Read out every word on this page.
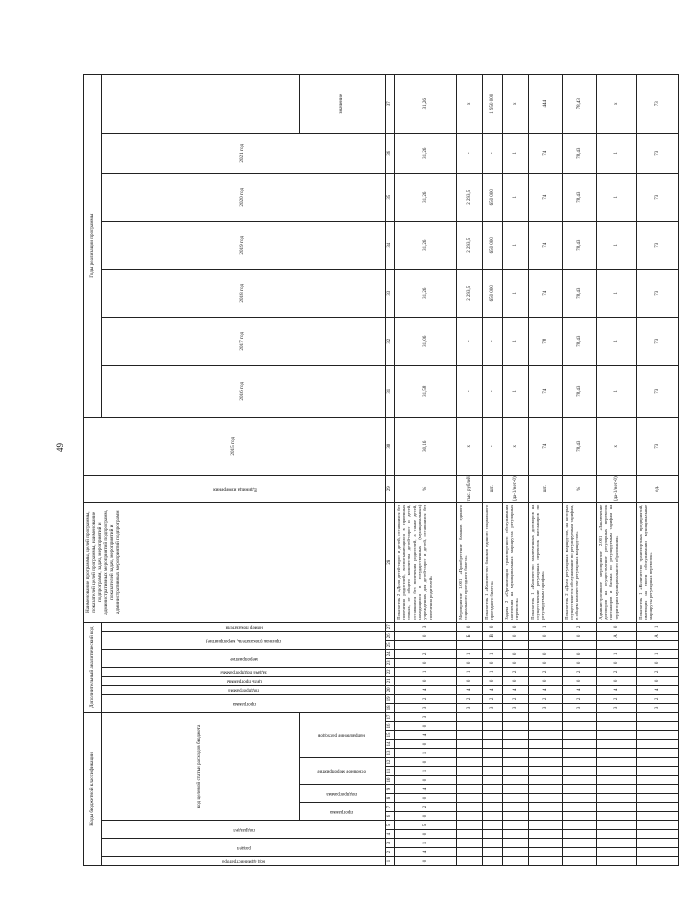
49
Коды бюджетной классификации																	Дополнительный аналитический код										Наименование программы, целей программы, показателей целей программы, наименование подпрограмм, задач, мероприятий и административных мероприятий подпрограмм, показателей задач, мероприятий и административных мероприятий подпрограмм	Единица измерения	2015 год	Годы реализации программы	
код администратора	раздел		подраздел		код целевой статьи расходов бюджета												программа		подпрограмма	цель программы	задача подпрограммы	мероприятие		признак (показатель, мероприятие)		номер показателя				2016 год	2017 год	2018 год	2019 год	2020 год	2021 год		
					программа		подпрограмма		основное мероприятие			направление расходов																								значение	
1	2	3	4	5	6	7	8	9	10	11	12	13	14	15	16	17	18	19	20	21	22	23	24	25	26	27	28	29	30	31	32	33	34	35	36	37	
0	4	1	0	5	0	2	0	4	0	1	0	1	0	4	0	3	3	2	4	0	1	0	2		0	3	Показатель 2 «Доля детей-сирот и детей, оставшихся без попечения родителей, воспитывающихся в приемных семьях, от общего количества детей-сирот и детей, оставшихся без попечения родителей, а также детей, находящихся в государственных (муниципальных) учреждениях для детей-сирот и детей, оставшихся без попечения родителей»	%	30,16	31,58	31,06	31,26	31,26	31,26	31,26	31,26	
																	3	2	4	0	1	0	1		Б	0	Мероприятие 1.001 «Приобретение бланков единого социального проездного билета»	тыс. рублей	х	-	-	2 293,5	2 293,5	2 293,5	-	х	
																	3	2	4	0	1	0	1		В	0	Показатель 1 «Количество бланков единого социального проездного билета»	шт.	-	-	-	650 000	650 000	650 000	-	1 950 000	
																	3	2	4	0	2	0	0		0	0	Задача 2 «Организация транспортного обслуживания населения на муниципальных маршрутах регулярных перевозок»	(да-1/нет-0)	х	1	1	1	1	1	1	х	
																	3	2	4	0	2	0	0		0	1	Показатель 1 «Количество заключенных договоров на осуществление регулярных перевозок пассажиров по регулируемым тарифам»	шт.	74	74	78	74	74	74	74	444	
																	3	2	4	0	2	0	0		0	2	Показатель 2 «Доля регулярных маршрутов, на которых осуществляется обслуживание по регулируемым тарифам, в общем количестве регулярных маршрутов»	%	78,43	78,43	78,43	78,43	78,43	78,43	78,43	78,43	
																	3	2	4	0	2	0	1		А	0	Административное мероприятие 2.001 «Заключение договоров на осуществление регулярных перевозок пассажиров и багажа по регулируемым тарифам на территории муниципального образования»	(да-1/нет-0)	х	1	1	1	1	1	1	х	
																	3	2	4	0	2	0	1		А	1	Показатель 1 «Количество транспортных предприятий, имеющих на своем обслуживании муниципальные маршруты регулярных перевозок»	ед.	73	73	73	73	73	73	73	73	
